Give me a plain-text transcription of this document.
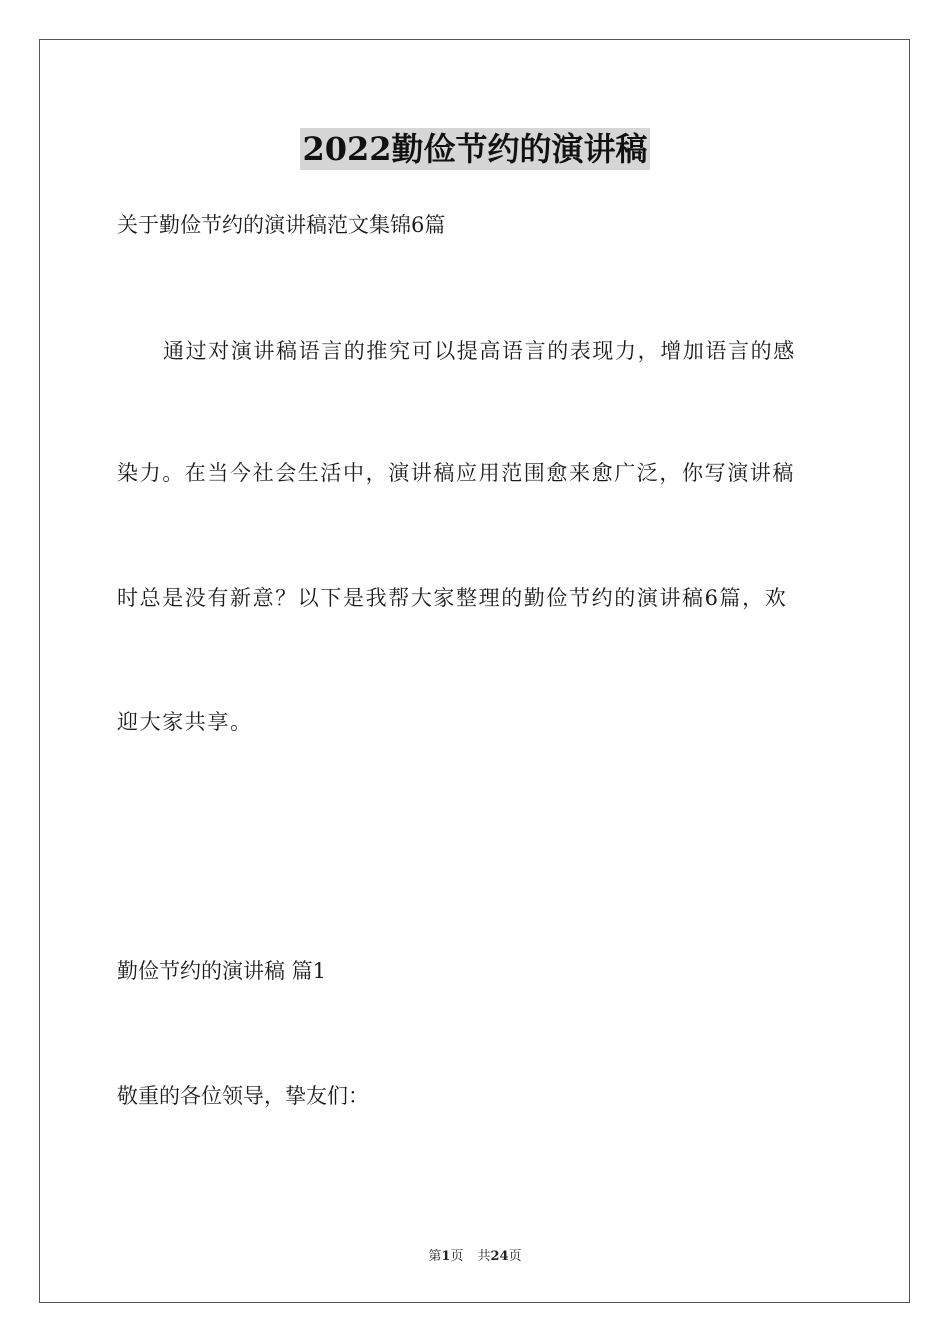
2022勤俭节约的演讲稿
关于勤俭节约的演讲稿范文集锦6篇
通过对演讲稿语言的推究可以提高语言的表现力，增加语言的感
染力。在当今社会生活中，演讲稿应用范围愈来愈广泛，你写演讲稿
时总是没有新意？以下是我帮大家整理的勤俭节约的演讲稿6篇，欢
迎大家共享。
勤俭节约的演讲稿 篇1
敬重的各位领导，挚友们：
第1页 共24页
